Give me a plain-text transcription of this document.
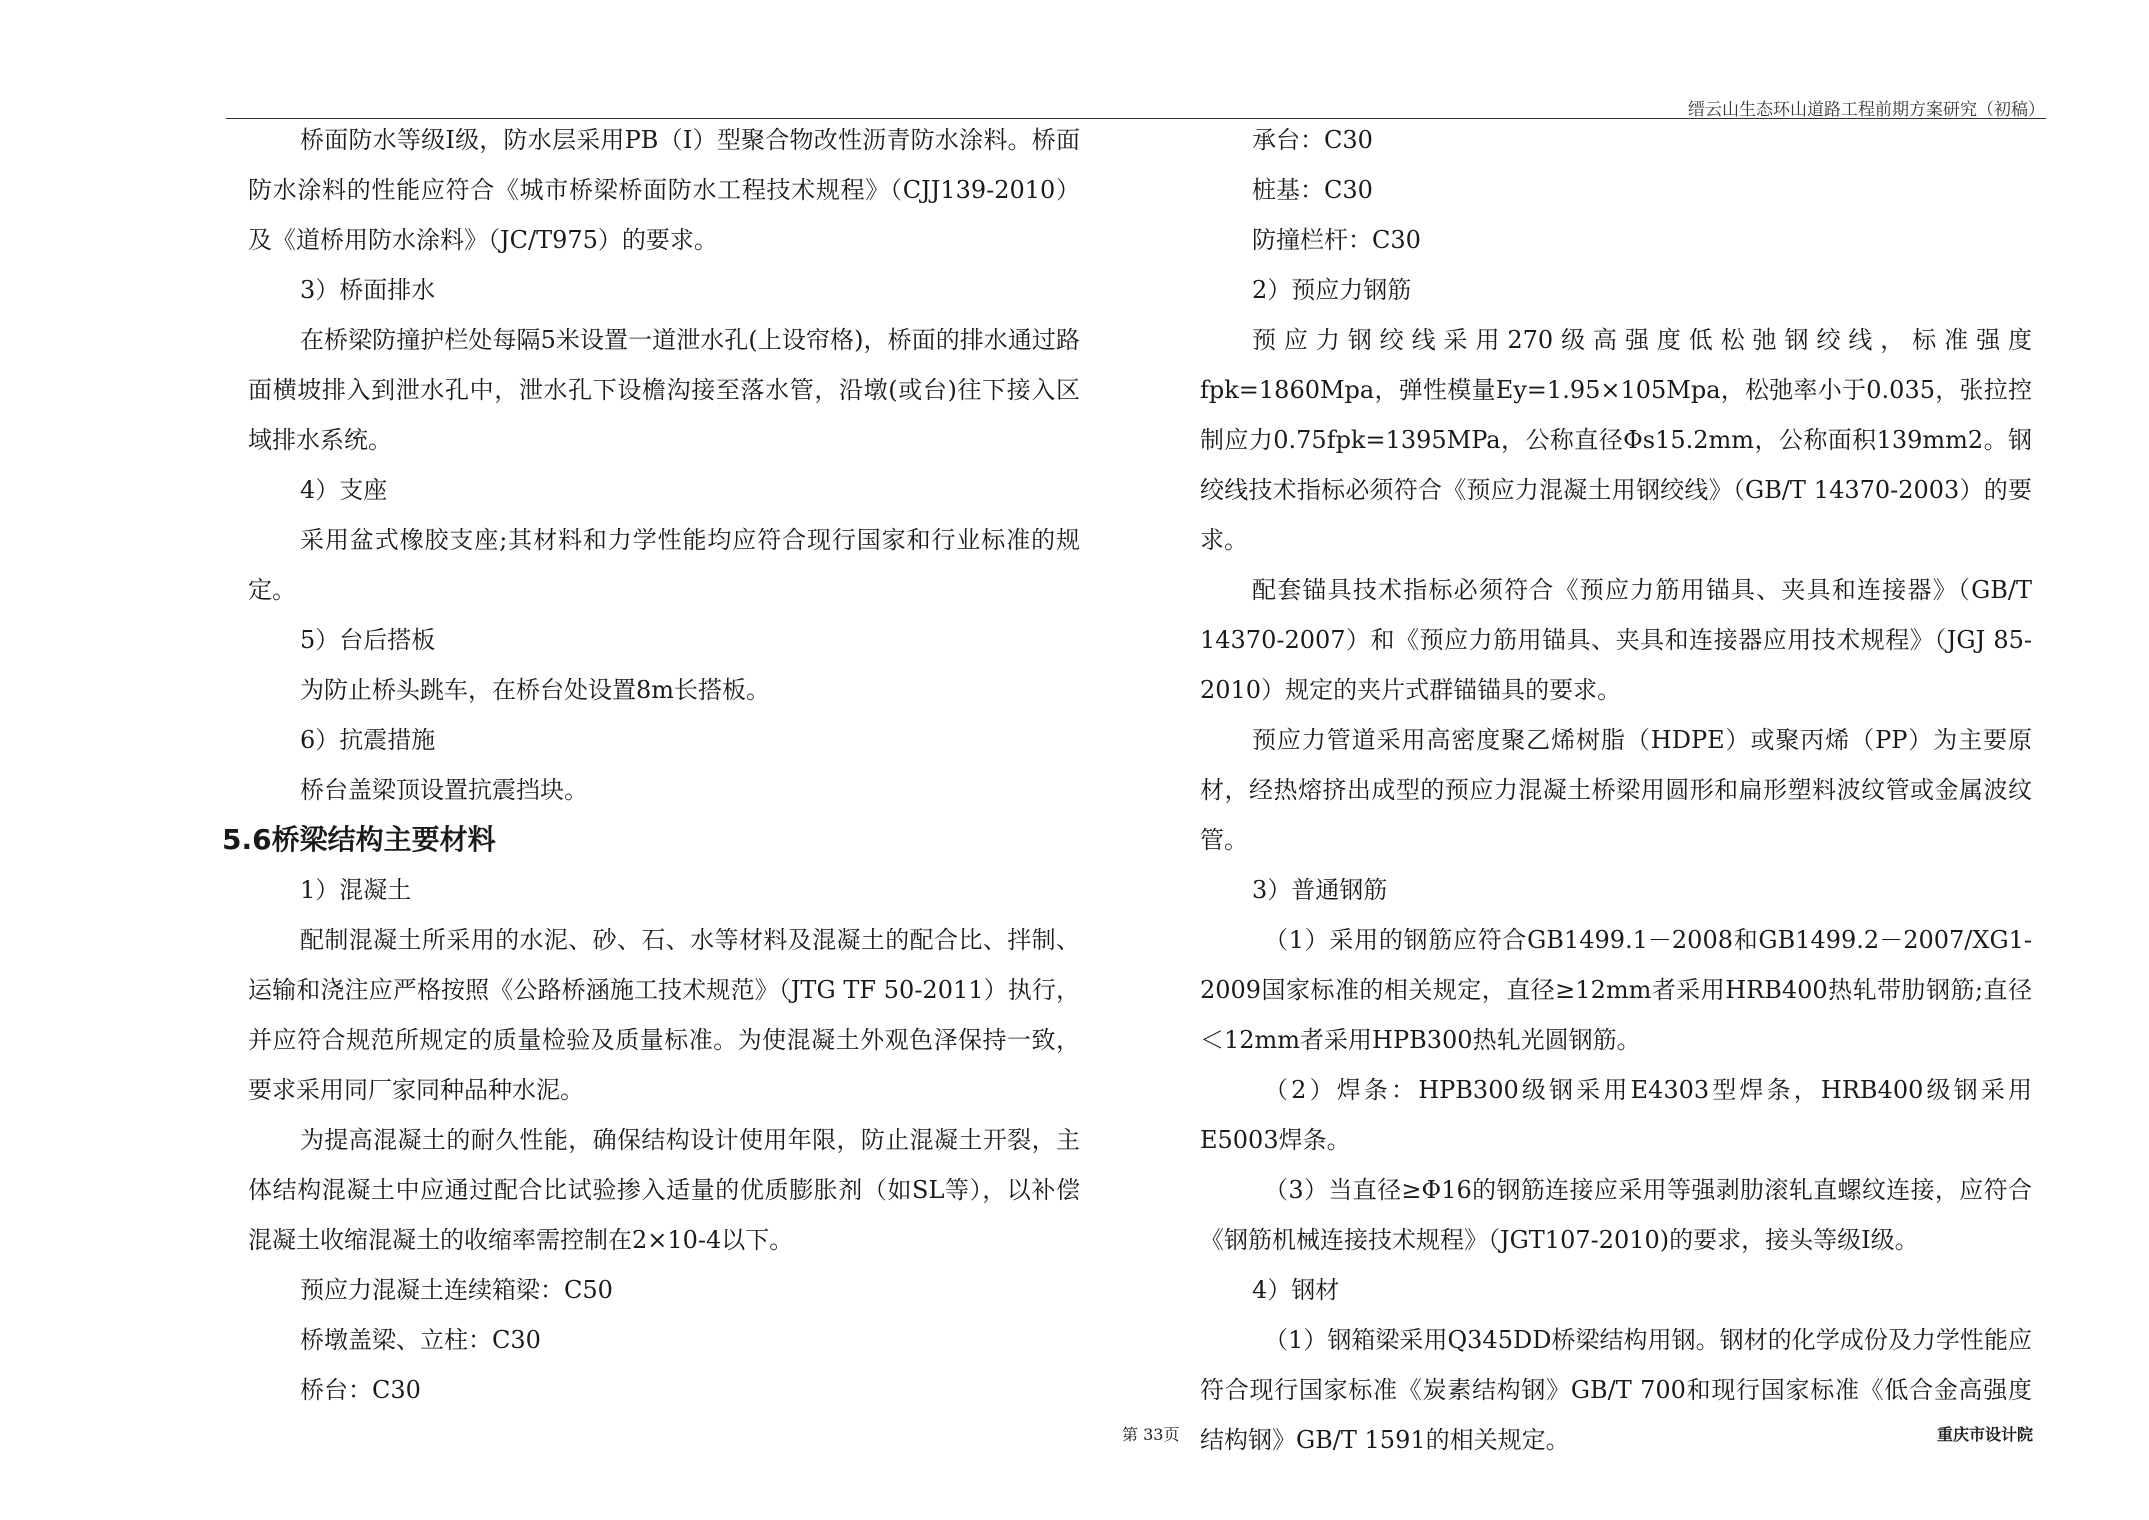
缙云山生态环山道路工程前期方案研究（初稿）

桥面防水等级Ⅰ级，防水层采用PB（Ⅰ）型聚合物改性沥青防水涂料。桥面防水涂料的性能应符合《城市桥梁桥面防水工程技术规程》（CJJ139-2010）及《道桥用防水涂料》（JC/T975）的要求。

3）桥面排水

在桥梁防撞护栏处每隔5米设置一道泄水孔(上设帘格)，桥面的排水通过路面横坡排入到泄水孔中，泄水孔下设檐沟接至落水管，沿墩(或台)往下接入区域排水系统。

4）支座

采用盆式橡胶支座;其材料和力学性能均应符合现行国家和行业标准的规定。

5）台后搭板

为防止桥头跳车，在桥台处设置8m长搭板。

6）抗震措施

桥台盖梁顶设置抗震挡块。

5.6桥梁结构主要材料

1）混凝土

配制混凝土所采用的水泥、砂、石、水等材料及混凝土的配合比、拌制、运输和浇注应严格按照《公路桥涵施工技术规范》（JTG TF 50-2011）执行，并应符合规范所规定的质量检验及质量标准。为使混凝土外观色泽保持一致，要求采用同厂家同种品种水泥。

为提高混凝土的耐久性能，确保结构设计使用年限，防止混凝土开裂，主体结构混凝土中应通过配合比试验掺入适量的优质膨胀剂（如SL等），以补偿混凝土收缩混凝土的收缩率需控制在2×10-4以下。

预应力混凝土连续箱梁：C50

桥墩盖梁、立柱：C30

桥台：C30

承台：C30

桩基：C30

防撞栏杆：C30

2）预应力钢筋

预应力钢绞线采用270级高强度低松弛钢绞线，标准强度fpk=1860Mpa，弹性模量Ey=1.95×105Mpa，松弛率小于0.035，张拉控制应力0.75fpk=1395MPa，公称直径Φs15.2mm，公称面积139mm2。钢绞线技术指标必须符合《预应力混凝土用钢绞线》（GB/T 14370-2003）的要求。

配套锚具技术指标必须符合《预应力筋用锚具、夹具和连接器》（GB/T 14370-2007）和《预应力筋用锚具、夹具和连接器应用技术规程》（JGJ 85-2010）规定的夹片式群锚锚具的要求。

预应力管道采用高密度聚乙烯树脂（HDPE）或聚丙烯（PP）为主要原材，经热熔挤出成型的预应力混凝土桥梁用圆形和扁形塑料波纹管或金属波纹管。

3）普通钢筋

（1）采用的钢筋应符合GB1499.1－2008和GB1499.2－2007/XG1-2009国家标准的相关规定，直径≥12mm者采用HRB400热轧带肋钢筋;直径＜12mm者采用HPB300热轧光圆钢筋。

（2）焊条：HPB300级钢采用E4303型焊条，HRB400级钢采用E5003焊条。

（3）当直径≥Φ16的钢筋连接应采用等强剥肋滚轧直螺纹连接，应符合《钢筋机械连接技术规程》（JGT107-2010)的要求，接头等级Ⅰ级。

4）钢材

（1）钢箱梁采用Q345DD桥梁结构用钢。钢材的化学成份及力学性能应符合现行国家标准《炭素结构钢》GB/T 700和现行国家标准《低合金高强度结构钢》GB/T 1591的相关规定。

第 33页	重庆市设计院
